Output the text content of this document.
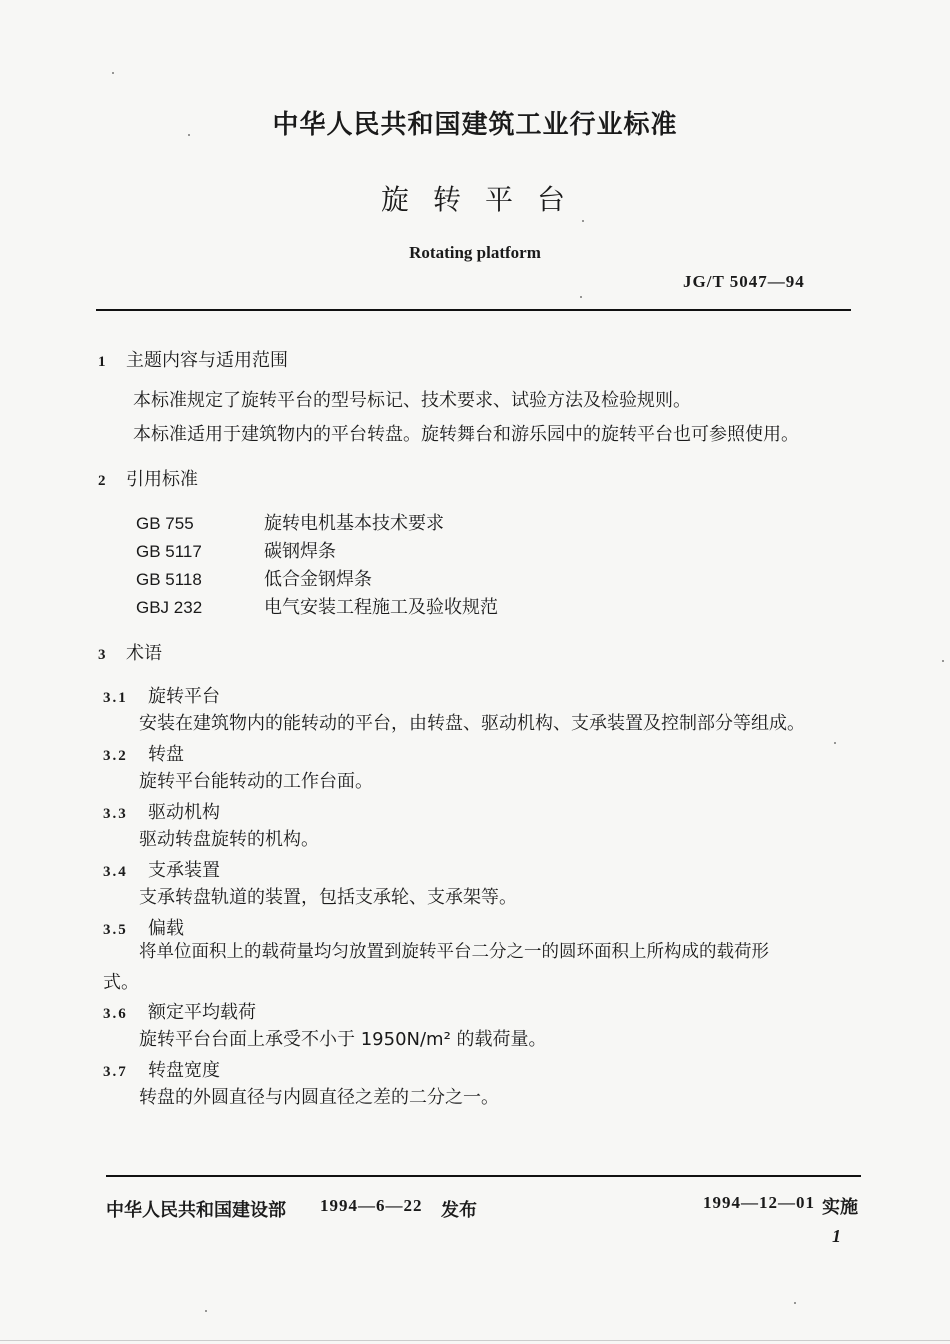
中华人民共和国建筑工业行业标准
旋转平台
Rotating platform
JG/T 5047—94
1 主题内容与适用范围
本标准规定了旋转平台的型号标记、技术要求、试验方法及检验规则。
本标准适用于建筑物内的平台转盘。旋转舞台和游乐园中的旋转平台也可参照使用。
2 引用标准
GB 755	旋转电机基本技术要求
GB 5117	碳钢焊条
GB 5118	低合金钢焊条
GBJ 232	电气安装工程施工及验收规范
3 术语
3.1 旋转平台
安装在建筑物内的能转动的平台，由转盘、驱动机构、支承装置及控制部分等组成。
3.2 转盘
旋转平台能转动的工作台面。
3.3 驱动机构
驱动转盘旋转的机构。
3.4 支承装置
支承转盘轨道的装置，包括支承轮、支承架等。
3.5 偏载
将单位面积上的载荷量均匀放置到旋转平台二分之一的圆环面积上所构成的载荷形
式。
3.6 额定平均载荷
旋转平台台面上承受不小于 1950N/m² 的载荷量。
3.7 转盘宽度
转盘的外圆直径与内圆直径之差的二分之一。
中华人民共和国建设部 1994—6—22 发布	1994—12—01 实施
1
